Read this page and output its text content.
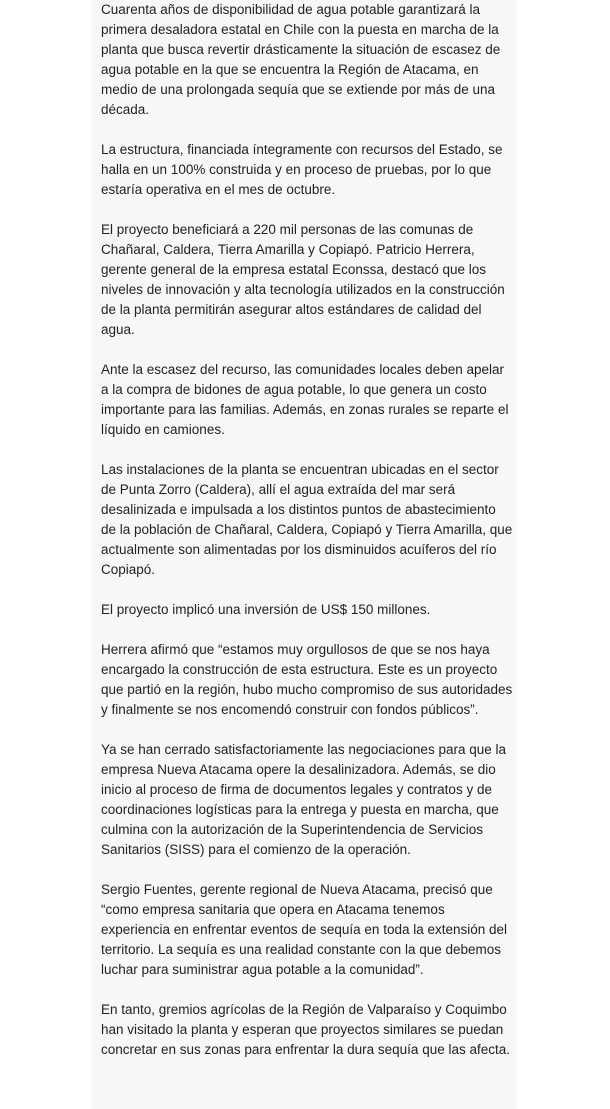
Cuarenta años de disponibilidad de agua potable garantizará la primera desaladora estatal en Chile con la puesta en marcha de la planta que busca revertir drásticamente la situación de escasez de agua potable en la que se encuentra la Región de Atacama, en medio de una prolongada sequía que se extiende por más de una década.

La estructura, financiada íntegramente con recursos del Estado, se halla en un 100% construida y en proceso de pruebas, por lo que estaría operativa en el mes de octubre.

El proyecto beneficiará a 220 mil personas de las comunas de Chañaral, Caldera, Tierra Amarilla y Copiapó. Patricio Herrera, gerente general de la empresa estatal Econssa, destacó que los niveles de innovación y alta tecnología utilizados en la construcción de la planta permitirán asegurar altos estándares de calidad del agua.

Ante la escasez del recurso, las comunidades locales deben apelar a la compra de bidones de agua potable, lo que genera un costo importante para las familias. Además, en zonas rurales se reparte el líquido en camiones.

Las instalaciones de la planta se encuentran ubicadas en el sector de Punta Zorro (Caldera), allí el agua extraída del mar será desalinizada e impulsada a los distintos puntos de abastecimiento de la población de Chañaral, Caldera, Copiapó y Tierra Amarilla, que actualmente son alimentadas por los disminuidos acuíferos del río Copiapó.

El proyecto implicó una inversión de US$ 150 millones.

Herrera afirmó que “estamos muy orgullosos de que se nos haya encargado la construcción de esta estructura. Este es un proyecto que partió en la región, hubo mucho compromiso de sus autoridades y finalmente se nos encomendó construir con fondos públicos”.

Ya se han cerrado satisfactoriamente las negociaciones para que la empresa Nueva Atacama opere la desalinizadora. Además, se dio inicio al proceso de firma de documentos legales y contratos y de coordinaciones logísticas para la entrega y puesta en marcha, que culmina con la autorización de la Superintendencia de Servicios Sanitarios (SISS) para el comienzo de la operación.

Sergio Fuentes, gerente regional de Nueva Atacama, precisó que “como empresa sanitaria que opera en Atacama tenemos experiencia en enfrentar eventos de sequía en toda la extensión del territorio. La sequía es una realidad constante con la que debemos luchar para suministrar agua potable a la comunidad”.

En tanto, gremios agrícolas de la Región de Valparaíso y Coquimbo han visitado la planta y esperan que proyectos similares se puedan concretar en sus zonas para enfrentar la dura sequía que las afecta.
